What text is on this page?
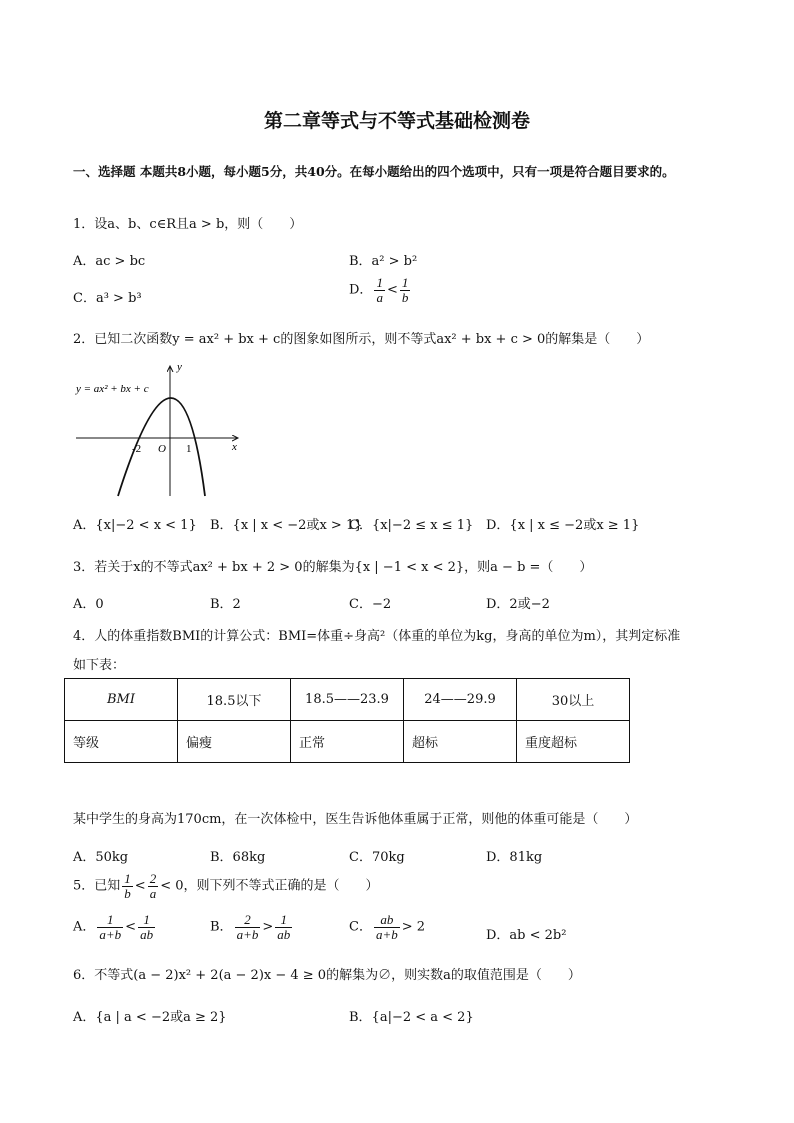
第二章等式与不等式基础检测卷
一、选择题 本题共8小题，每小题5分，共40分。在每小题给出的四个选项中，只有一项是符合题目要求的。
1．设a、b、c∈R且a > b，则（　　）
A．ac > bc	B．a² > b²
C．a³ > b³
D． $\frac{1}{a} < \frac{1}{b}$
2．已知二次函数y = ax² + bx + c的图象如图所示，则不等式ax² + bx + c > 0的解集是（　　）
y
x
-2 O 1
y = ax² + bx + c
A．{x|−2 < x < 1} B．{x | x < −2或x > 1}
C．{x|−2 ≤ x ≤ 1} D．{x | x ≤ −2或x ≥ 1}
3．若关于x的不等式ax² + bx + 2 > 0的解集为{x | −1 < x < 2}，则a − b =（　　）
A．0	B．2	C．−2	D．2或−2
4．人的体重指数BMI的计算公式：BMI=体重÷身高²（体重的单位为kg，身高的单位为m），其判定标准
如下表：
BMI	18.5以下	18.5——23.9	24——29.9	30以上
等级	偏瘦	正常	超标	重度超标
某中学生的身高为170cm，在一次体检中，医生告诉他体重属于正常，则他的体重可能是（　　）
A．50kg	B．68kg	C．70kg	D．81kg
5．已知 $\frac{1}{b} < \frac{2}{a} < 0$，则下列不等式正确的是（　　）
A． $\frac{1}{a+b} < \frac{1}{ab}$	B． $\frac{2}{a+b} > \frac{1}{ab}$	C． $\frac{ab}{a+b} > 2$
D．ab < 2b²
6．不等式(a − 2)x² + 2(a − 2)x − 4 ≥ 0的解集为∅，则实数a的取值范围是（　　）
A．{a | a < −2或a ≥ 2}	B．{a|−2 < a < 2}
